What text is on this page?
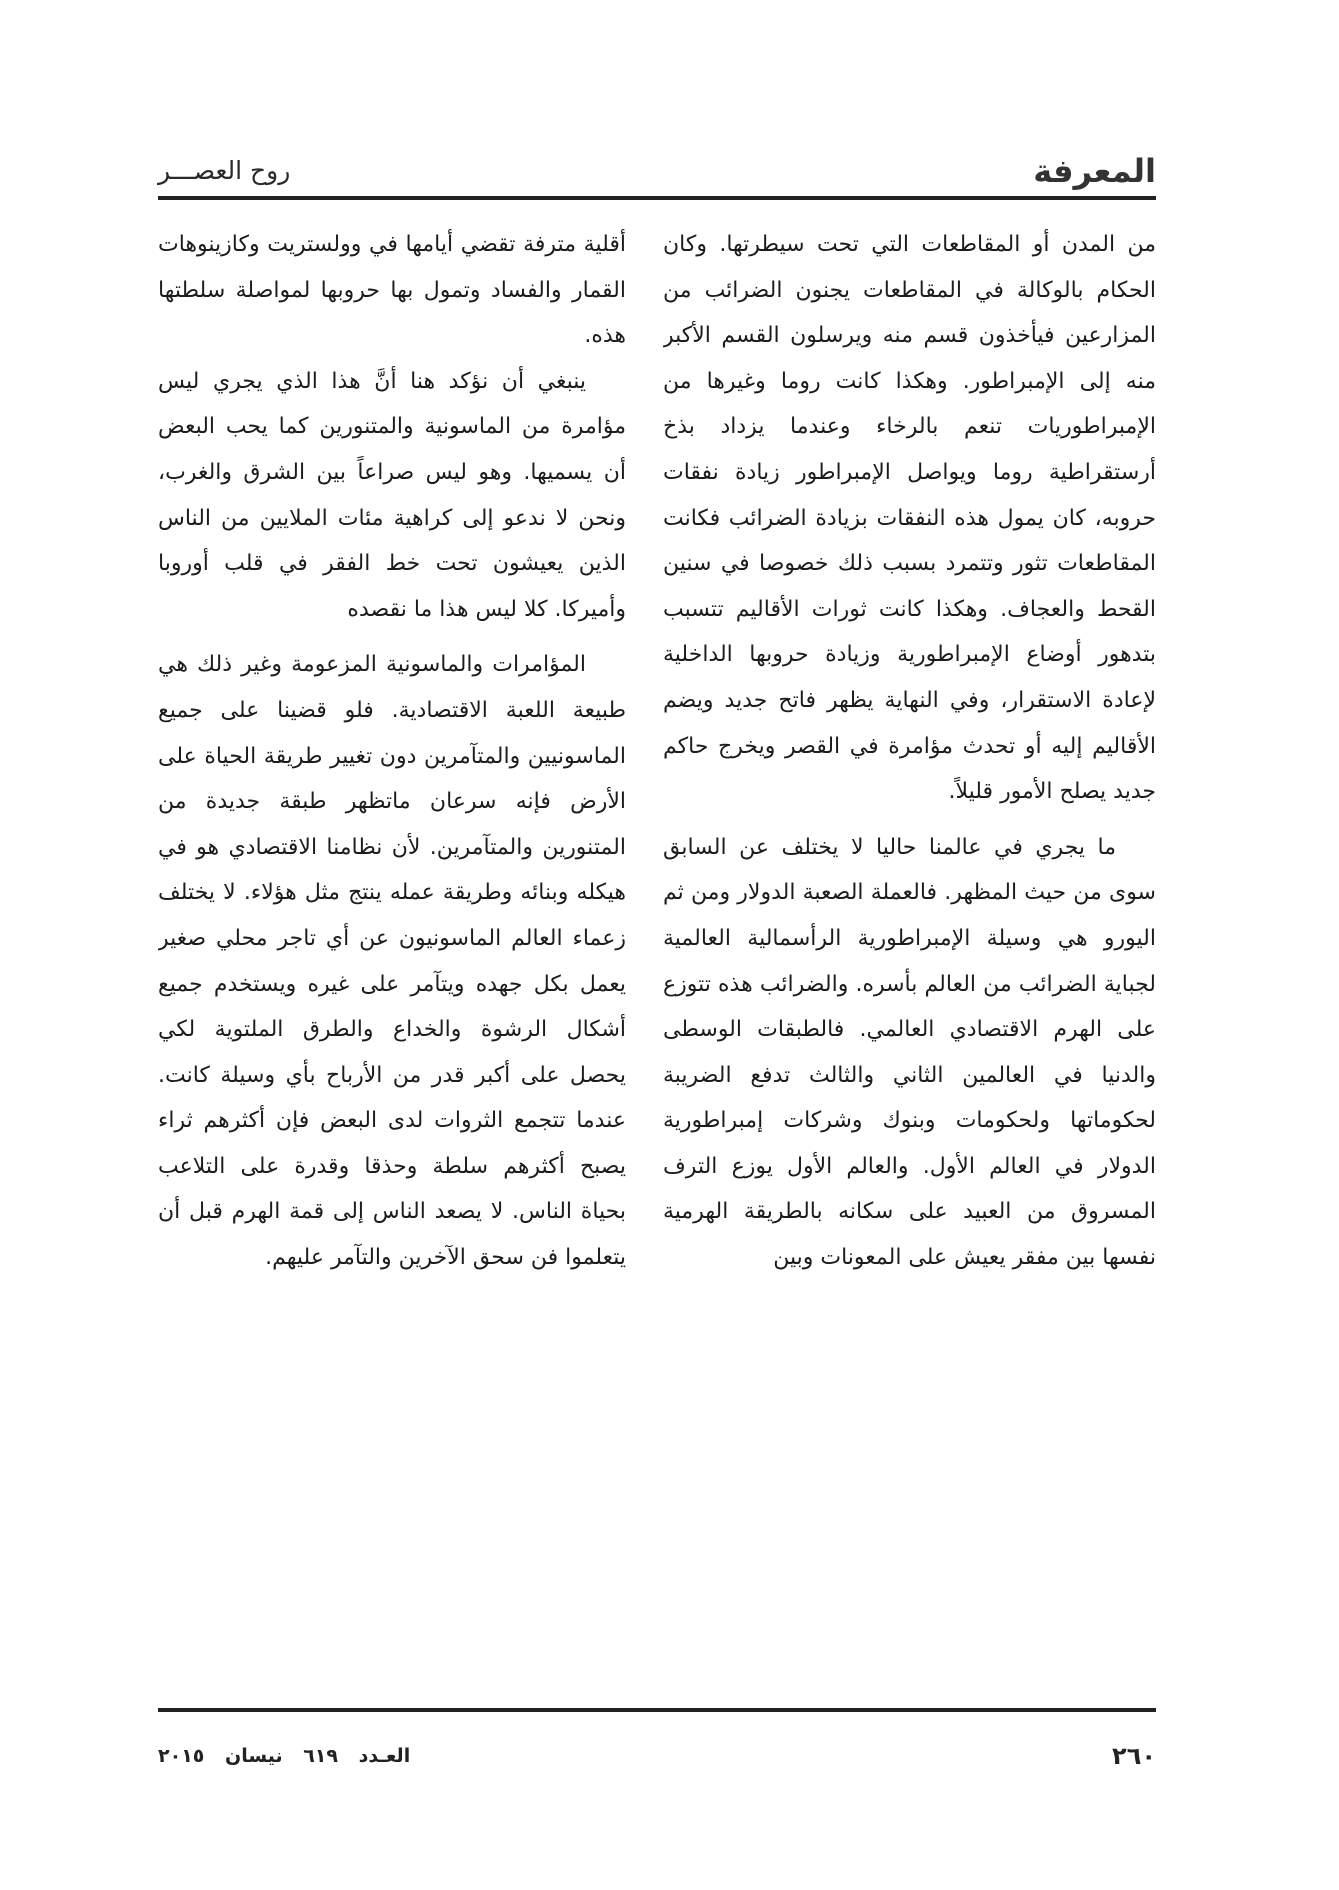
المعرفة
روح العصـــر

من المدن أو المقاطعات التي تحت سيطرتها. وكان الحكام بالوكالة في المقاطعات يجنون الضرائب من المزارعين فيأخذون قسم منه ويرسلون القسم الأكبر منه إلى الإمبراطور. وهكذا كانت روما وغيرها من الإمبراطوريات تنعم بالرخاء وعندما يزداد بذخ أرستقراطية روما ويواصل الإمبراطور زيادة نفقات حروبه، كان يمول هذه النفقات بزيادة الضرائب فكانت المقاطعات تثور وتتمرد بسبب ذلك خصوصا في سنين القحط والعجاف. وهكذا كانت ثورات الأقاليم تتسبب بتدهور أوضاع الإمبراطورية وزيادة حروبها الداخلية لإعادة الاستقرار، وفي النهاية يظهر فاتح جديد ويضم الأقاليم إليه أو تحدث مؤامرة في القصر ويخرج حاكم جديد يصلح الأمور قليلاً.

ما يجري في عالمنا حاليا لا يختلف عن السابق سوى من حيث المظهر. فالعملة الصعبة الدولار ومن ثم اليورو هي وسيلة الإمبراطورية الرأسمالية العالمية لجباية الضرائب من العالم بأسره. والضرائب هذه تتوزع على الهرم الاقتصادي العالمي. فالطبقات الوسطى والدنيا في العالمين الثاني والثالث تدفع الضريبة لحكوماتها ولحكومات وبنوك وشركات إمبراطورية الدولار في العالم الأول. والعالم الأول يوزع الترف المسروق من العبيد على سكانه بالطريقة الهرمية نفسها بين مفقر يعيش على المعونات وبين

أقلية مترفة تقضي أيامها في وولستريت وكازينوهات القمار والفساد وتمول بها حروبها لمواصلة سلطتها هذه.

ينبغي أن نؤكد هنا أنَّ هذا الذي يجري ليس مؤامرة من الماسونية والمتنورين كما يحب البعض أن يسميها. وهو ليس صراعاً بين الشرق والغرب، ونحن لا ندعو إلى كراهية مئات الملايين من الناس الذين يعيشون تحت خط الفقر في قلب أوروبا وأميركا. كلا ليس هذا ما نقصده

المؤامرات والماسونية المزعومة وغير ذلك هي طبيعة اللعبة الاقتصادية. فلو قضينا على جميع الماسونيين والمتآمرين دون تغيير طريقة الحياة على الأرض فإنه سرعان ماتظهر طبقة جديدة من المتنورين والمتآمرين. لأن نظامنا الاقتصادي هو في هيكله وبنائه وطريقة عمله ينتج مثل هؤلاء. لا يختلف زعماء العالم الماسونيون عن أي تاجر محلي صغير يعمل بكل جهده ويتآمر على غيره ويستخدم جميع أشكال الرشوة والخداع والطرق الملتوية لكي يحصل على أكبر قدر من الأرباح بأي وسيلة كانت. عندما تتجمع الثروات لدى البعض فإن أكثرهم ثراء يصبح أكثرهم سلطة وحذقا وقدرة على التلاعب بحياة الناس. لا يصعد الناس إلى قمة الهرم قبل أن يتعلموا فن سحق الآخرين والتآمر عليهم.

٢٦٠
العـدد ٦١٩ نيسان ٢٠١٥
